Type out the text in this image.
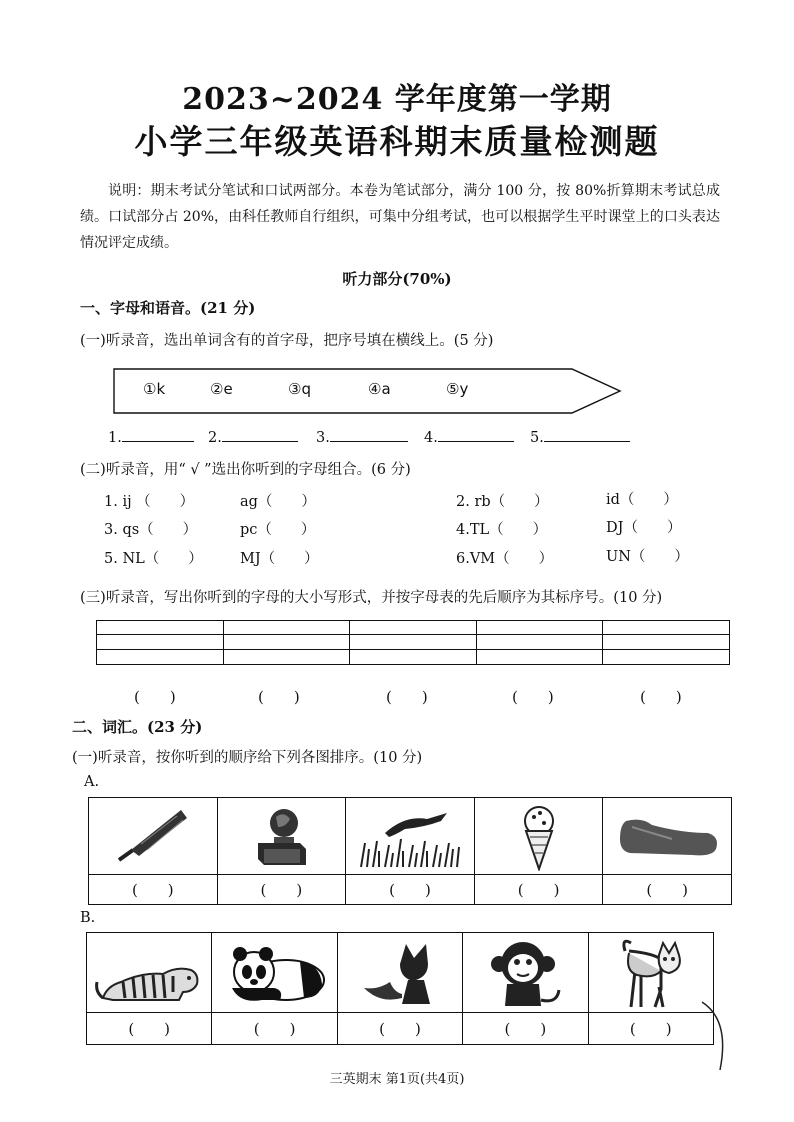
2023~2024 学年度第一学期
小学三年级英语科期末质量检测题
说明：期末考试分笔试和口试两部分。本卷为笔试部分，满分 100 分，按 80%折算期末考试总成绩。口试部分占 20%，由科任教师自行组织，可集中分组考试，也可以根据学生平时课堂上的口头表达情况评定成绩。
听力部分(70%)
一、字母和语音。(21 分)
(一)听录音，选出单词含有的首字母，把序号填在横线上。(5 分)
①k	②e	③q	④a	⑤y
1.	2.	3.	4.	5.
(二)听录音，用“ √ ”选出你听到的字母组合。(6 分)
1. ij （　　）	ag（　　）	2. rb（　　）	id（　　）
3. qs（　　）	pc（　　）	4.TL（　　）	DJ（　　）
5. NL（　　）	MJ（　　）	6.VM（　　）	UN（　　）
(三)听录音，写出你听到的字母的大小写形式，并按字母表的先后顺序为其标序号。(10 分)

(　　)	(　　)	(　　)	(　　)	(　　)
二、词汇。(23 分)
(一)听录音，按你听到的顺序给下列各图排序。(10 分)
A.

(　　)	(　　)	(　　)	(　　)	(　　)
B.

(　　)	(　　)	(　　)	(　　)	(　　)
三英期末 第1页(共4页)
